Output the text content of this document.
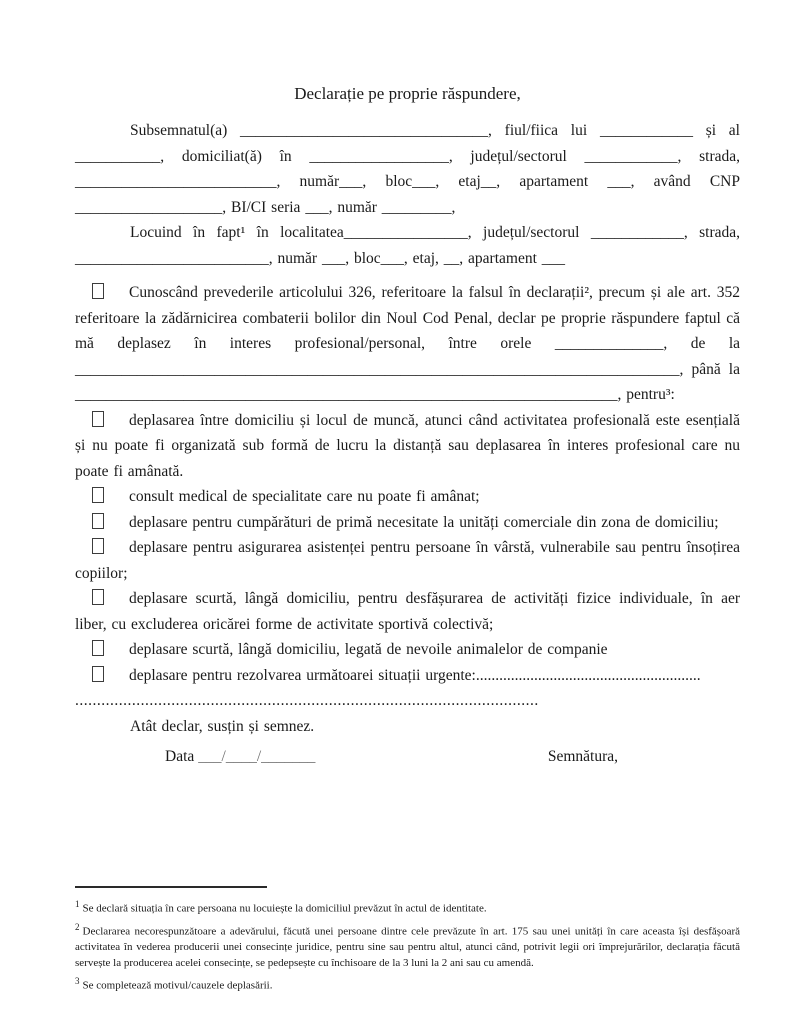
Declarație pe proprie răspundere,

Subsemnatul(a) ________________________________, fiul/fiica lui ____________ și al ___________, domiciliat(ă) în __________________, județul/sectorul ____________, strada, __________________________, număr___, bloc___, etaj__, apartament ___, având CNP ___________________, BI/CI seria ___, număr _________,

Locuind în fapt¹ în localitatea________________, județul/sectorul ____________, strada, _________________________, număr ___, bloc___, etaj, __, apartament ___

Cunoscând prevederile articolului 326, referitoare la falsul în declarații², precum și ale art. 352 referitoare la zădărnicirea combaterii bolilor din Noul Cod Penal, declar pe proprie răspundere faptul că mă deplasez în interes profesional/personal, între orele ______________, de la ______________________________________________________________________________, până la ______________________________________________________________________, pentru³:

deplasarea între domiciliu și locul de muncă, atunci când activitatea profesională este esențială și nu poate fi organizată sub formă de lucru la distanță sau deplasarea în interes profesional care nu poate fi amânată.

consult medical de specialitate care nu poate fi amânat;

deplasare pentru cumpărături de primă necesitate la unități comerciale din zona de domiciliu;

deplasare pentru asigurarea asistenței pentru persoane în vârstă, vulnerabile sau pentru însoțirea copiilor;

deplasare scurtă, lângă domiciliu, pentru desfășurarea de activități fizice individuale, în aer liber, cu excluderea oricărei forme de activitate sportivă colectivă;

deplasare scurtă, lângă domiciliu, legată de nevoile animalelor de companie

deplasare pentru rezolvarea următoarei situații urgente:..........................................................

..........................................................................................................

Atât declar, susțin și semnez.

Data ___/____/_______	Semnătura,

$^1$ Se declară situația în care persoana nu locuiește la domiciliul prevăzut în actul de identitate.

$^2$ Declararea necorespunzătoare a adevărului, făcută unei persoane dintre cele prevăzute în art. 175 sau unei unități în care aceasta își desfășoară activitatea în vederea producerii unei consecințe juridice, pentru sine sau pentru altul, atunci când, potrivit legii ori împrejurărilor, declarația făcută servește la producerea acelei consecințe, se pedepsește cu închisoare de la 3 luni la 2 ani sau cu amendă.

$^3$ Se completează motivul/cauzele deplasării.
